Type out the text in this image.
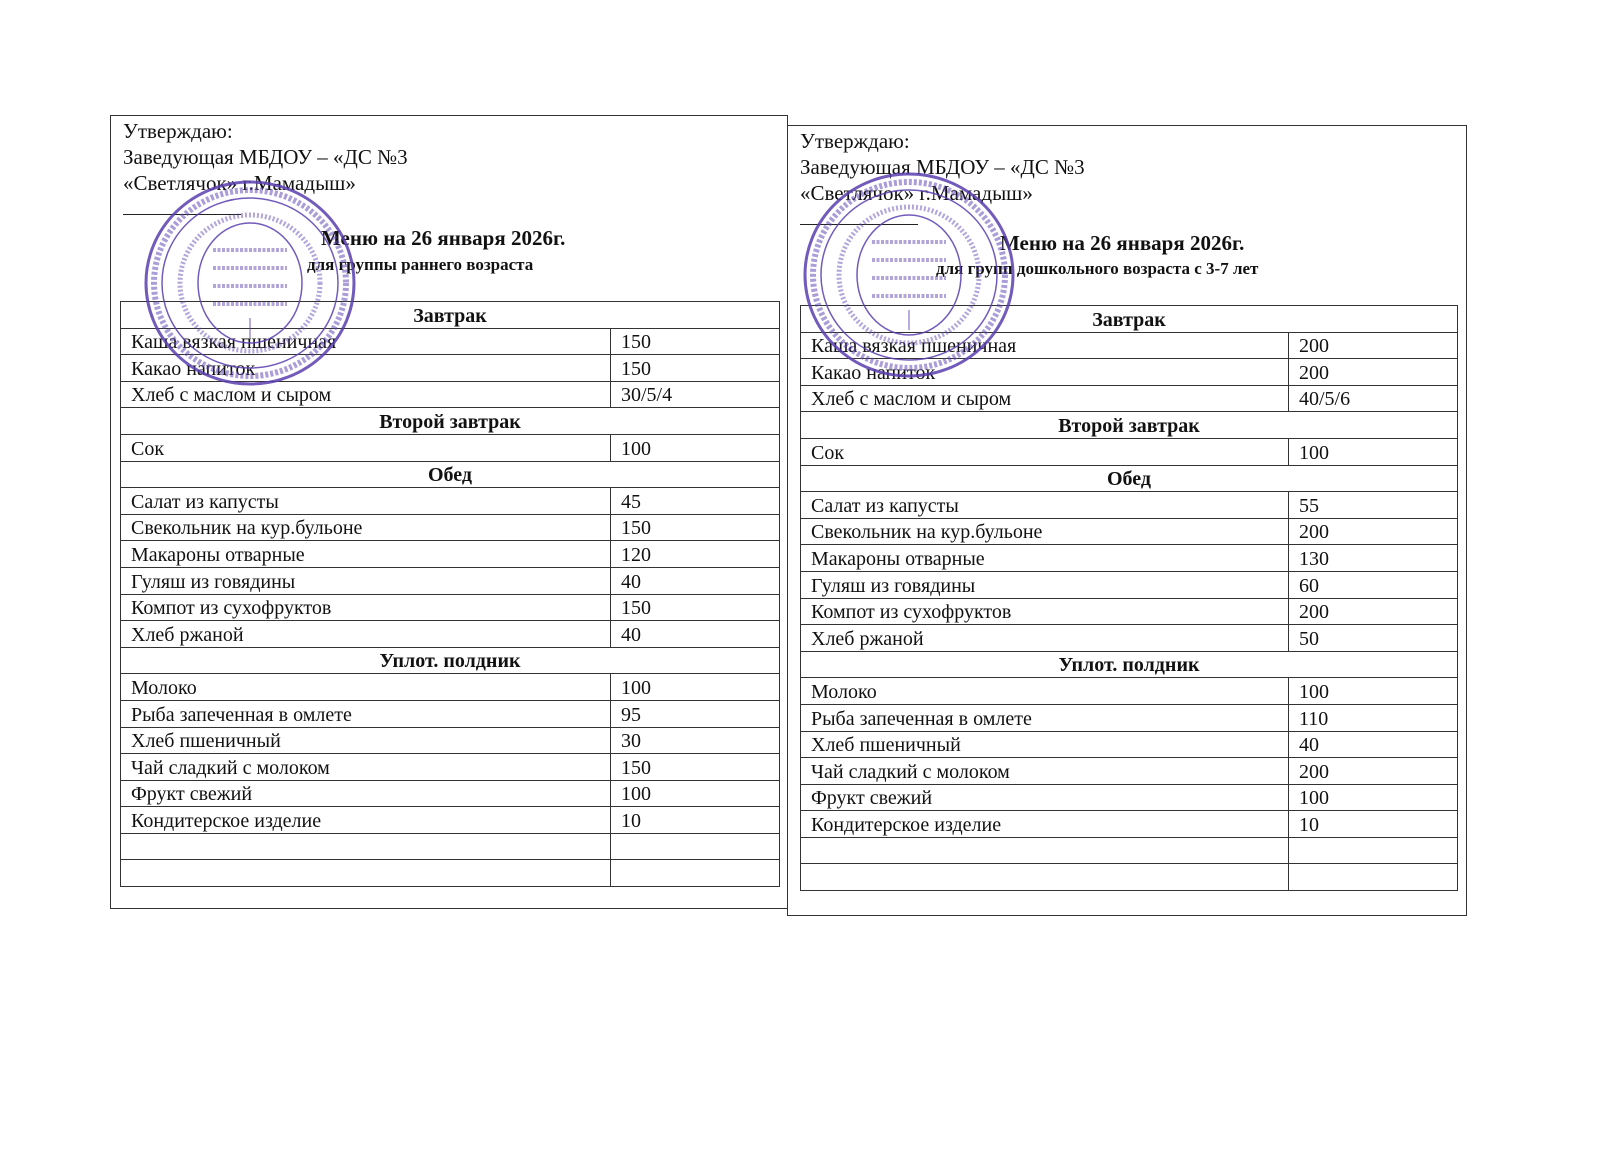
Утверждаю:
Заведующая МБДОУ – «ДС №3
«Светлячок» г.Мамадыш»
Меню на 26 января 2026г.
для группы раннего возраста
Завтрак	
Каша вязкая пшеничная	150
Какао напиток	150
Хлеб с маслом и сыром	30/5/4
Второй завтрак	
Сок	100
Обед	
Салат из капусты	45
Свекольник на кур.бульоне	150
Макароны отварные	120
Гуляш из говядины	40
Компот из сухофруктов	150
Хлеб ржаной	40
Уплот. полдник	
Молоко	100
Рыба запеченная в омлете	95
Хлеб пшеничный	30
Чай сладкий с молоком	150
Фрукт свежий	100
Кондитерское изделие	10

Утверждаю:
Заведующая МБДОУ – «ДС №3
«Светлячок» г.Мамадыш»
Меню на 26 января 2026г.
для групп дошкольного возраста с 3-7 лет
Завтрак	
Каша вязкая пшеничная	200
Какао напиток	200
Хлеб с маслом и сыром	40/5/6
Второй завтрак	
Сок	100
Обед	
Салат из капусты	55
Свекольник на кур.бульоне	200
Макароны отварные	130
Гуляш из говядины	60
Компот из сухофруктов	200
Хлеб ржаной	50
Уплот. полдник	
Молоко	100
Рыба запеченная в омлете	110
Хлеб пшеничный	40
Чай сладкий с молоком	200
Фрукт свежий	100
Кондитерское изделие	10
